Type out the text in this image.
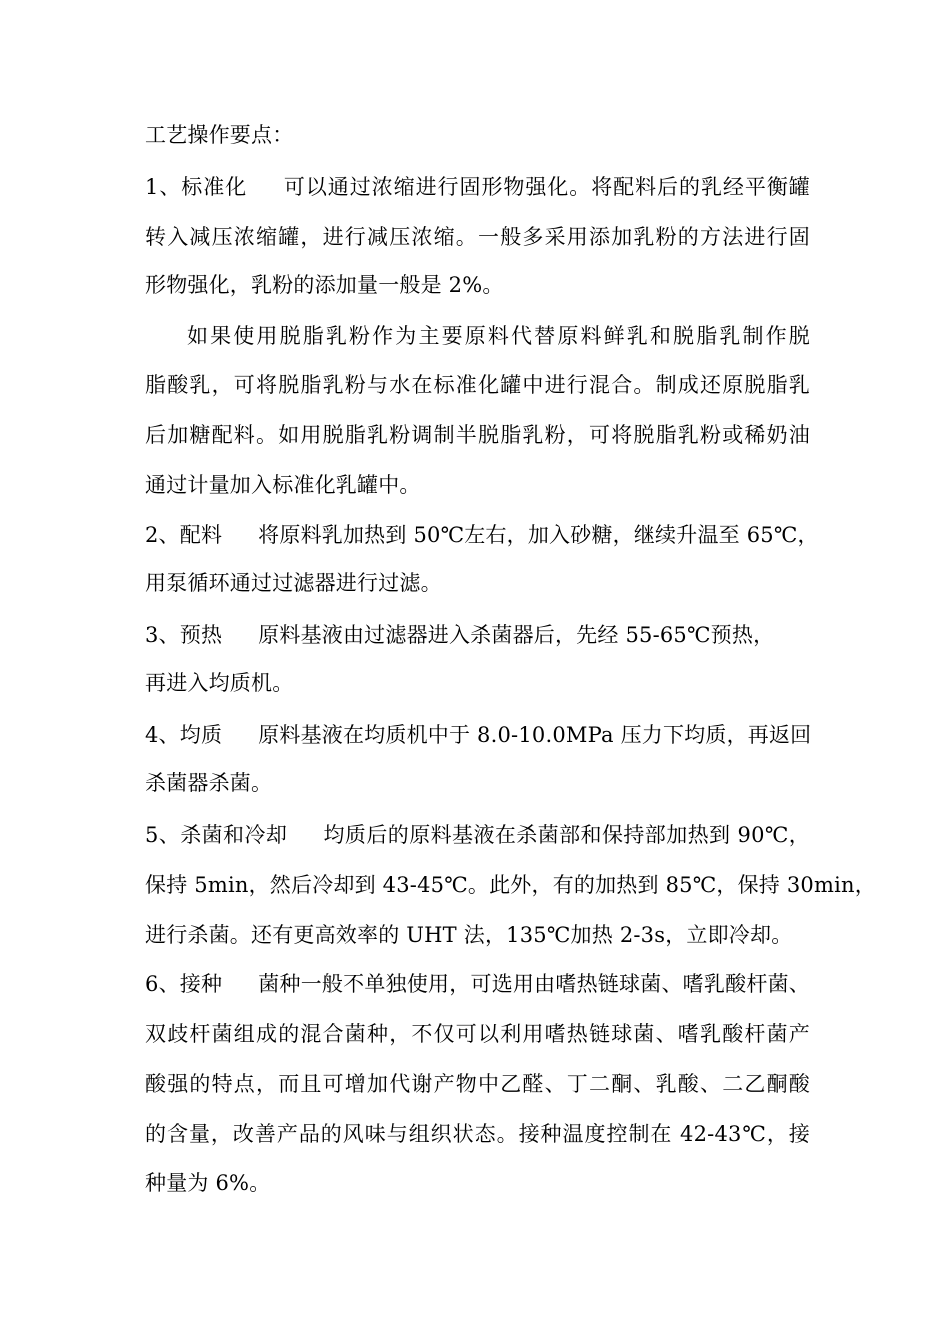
工艺操作要点：
1、标准化 可以通过浓缩进行固形物强化。将配料后的乳经平衡罐
转入减压浓缩罐，进行减压浓缩。一般多采用添加乳粉的方法进行固
形物强化，乳粉的添加量一般是 2%。
如果使用脱脂乳粉作为主要原料代替原料鲜乳和脱脂乳制作脱
脂酸乳，可将脱脂乳粉与水在标准化罐中进行混合。制成还原脱脂乳
后加糖配料。如用脱脂乳粉调制半脱脂乳粉，可将脱脂乳粉或稀奶油
通过计量加入标准化乳罐中。
2、配料 将原料乳加热到 50℃左右，加入砂糖，继续升温至 65℃，
用泵循环通过过滤器进行过滤。
3、预热 原料基液由过滤器进入杀菌器后，先经 55-65℃预热，
再进入均质机。
4、均质 原料基液在均质机中于 8.0-10.0MPa 压力下均质，再返回
杀菌器杀菌。
5、杀菌和冷却 均质后的原料基液在杀菌部和保持部加热到 90℃，
保持 5min，然后冷却到 43-45℃。此外，有的加热到 85℃，保持 30min，
进行杀菌。还有更高效率的 UHT 法，135℃加热 2-3s，立即冷却。
6、接种 菌种一般不单独使用，可选用由嗜热链球菌、嗜乳酸杆菌、
双歧杆菌组成的混合菌种，不仅可以利用嗜热链球菌、嗜乳酸杆菌产
酸强的特点，而且可增加代谢产物中乙醛、丁二酮、乳酸、二乙酮酸
的含量，改善产品的风味与组织状态。接种温度控制在 42-43℃，接
种量为 6%。
